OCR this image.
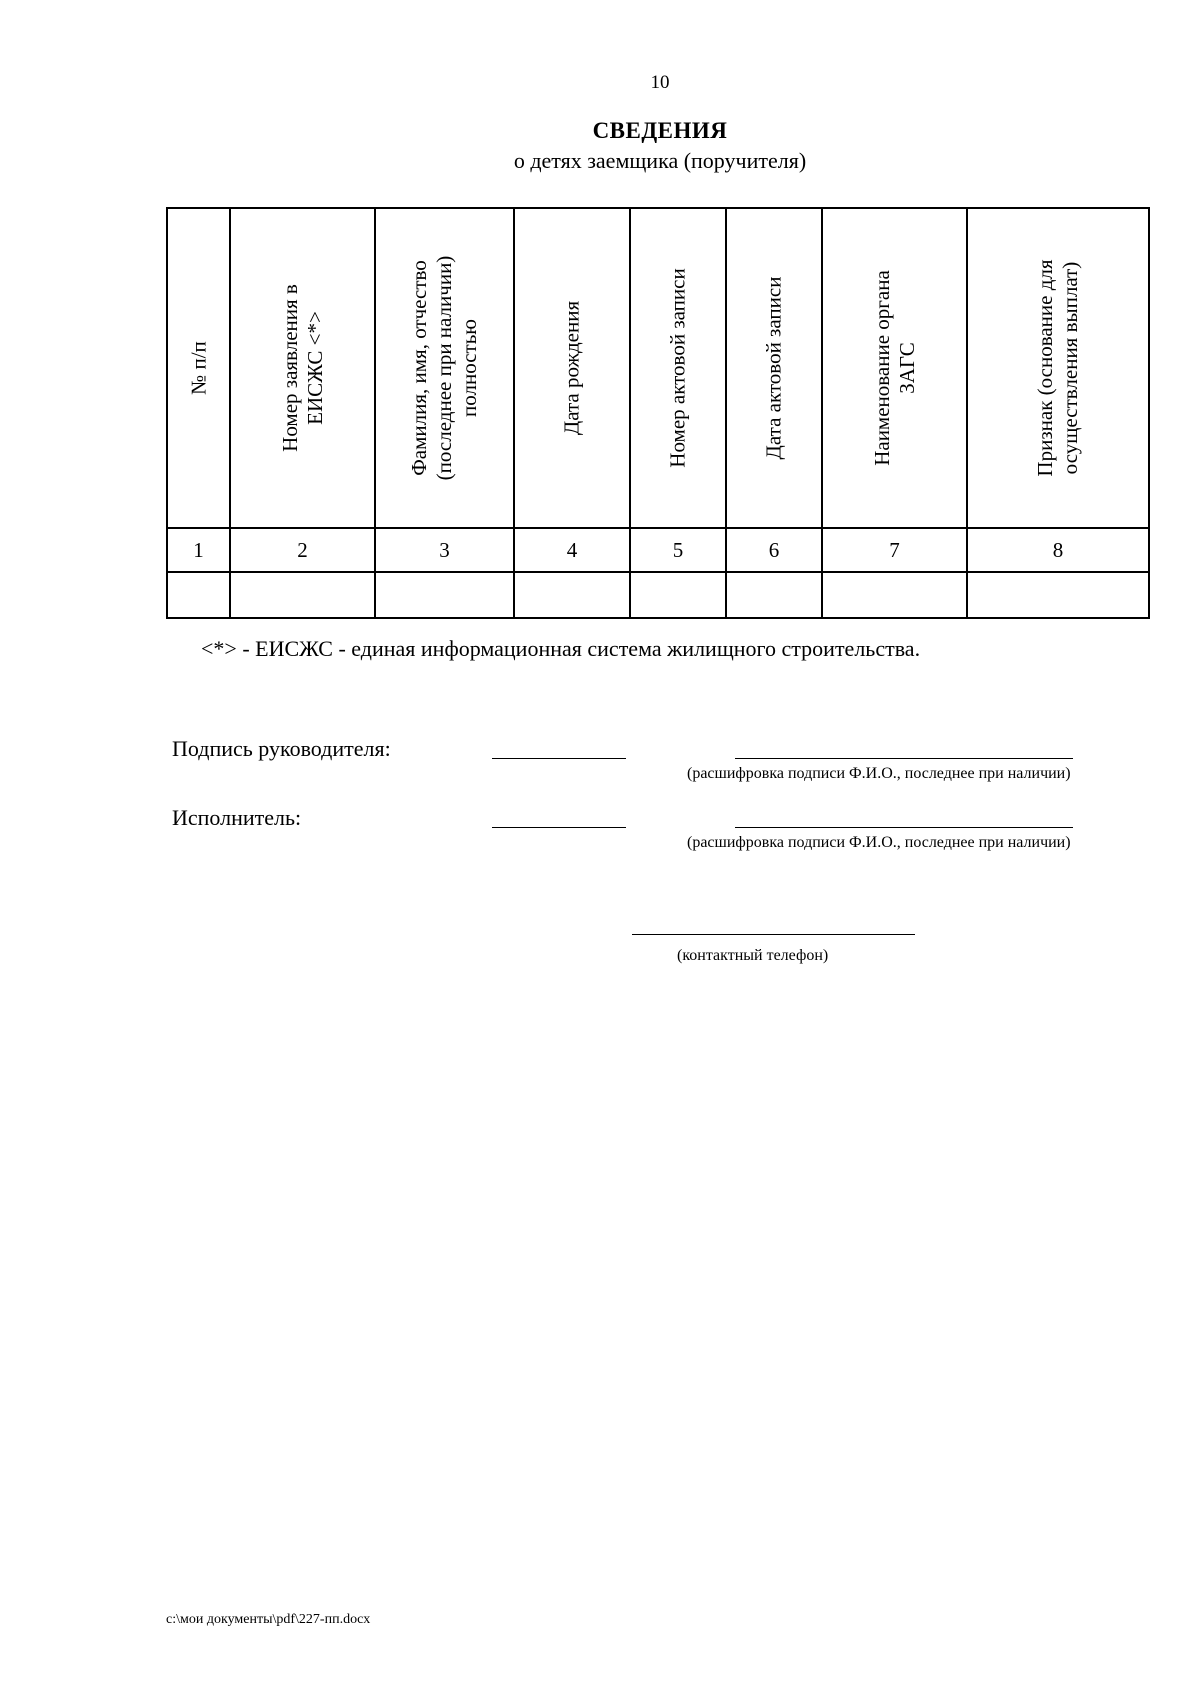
10
СВЕДЕНИЯ
о детях заемщика (поручителя)
№ п/п	Номер заявления в ЕИСЖС <*>	Фамилия, имя, отчество (последнее при наличии) полностью	Дата рождения	Номер актовой записи	Дата актовой записи	Наименование органа ЗАГС	Признак (основание для осуществления выплат)

1	2	3	4	5	6	7	8

<*> - ЕИСЖС - единая информационная система жилищного строительства.
Подпись руководителя:
(расшифровка подписи Ф.И.О., последнее при наличии)
Исполнитель:
(расшифровка подписи Ф.И.О., последнее при наличии)
(контактный телефон)
c:\мои документы\pdf\227-пп.docx
